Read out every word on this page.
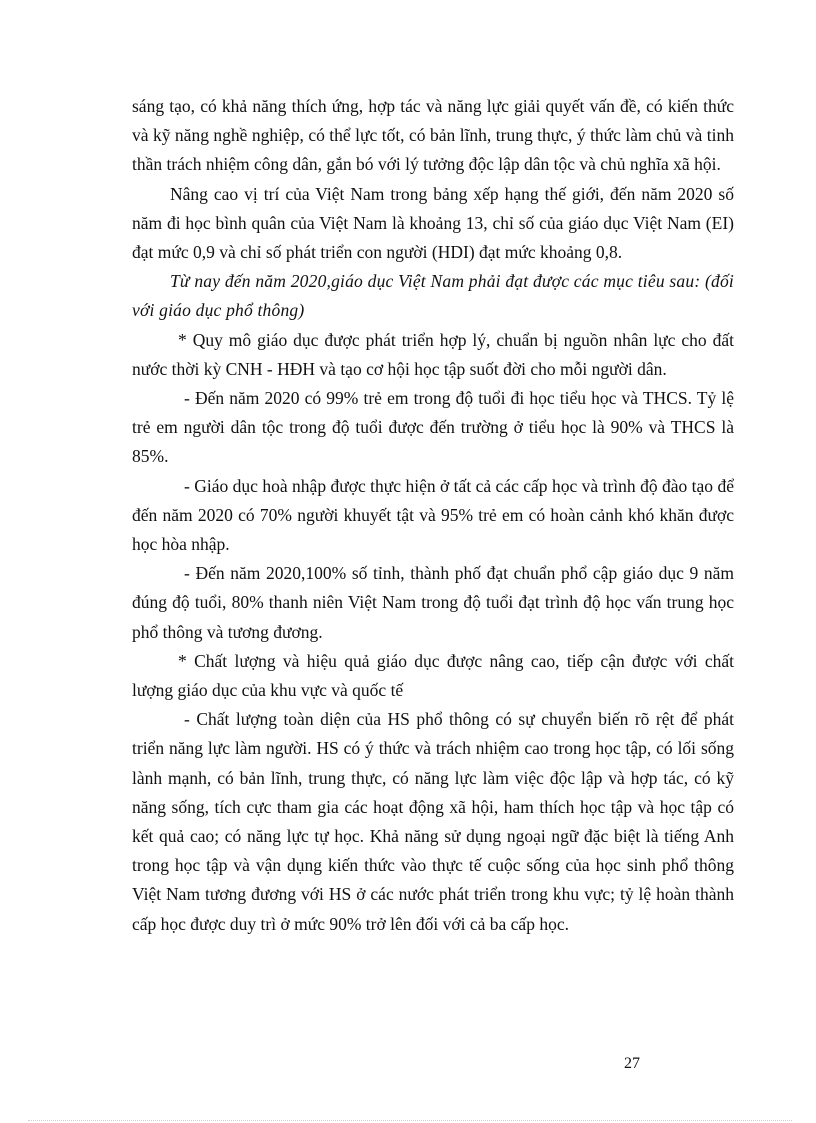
sáng tạo, có khả năng thích ứng, hợp tác và năng lực giải quyết vấn đề, có kiến thức và kỹ năng nghề nghiệp, có thể lực tốt, có bản lĩnh, trung thực, ý thức làm chủ và tinh thần trách nhiệm công dân, gắn bó với lý tưởng độc lập dân tộc và chủ nghĩa xã hội.

Nâng cao vị trí của Việt Nam trong bảng xếp hạng thế giới, đến năm 2020 số năm đi học bình quân của Việt Nam là khoảng 13, chỉ số của giáo dục Việt Nam (EI) đạt mức 0,9 và chỉ số phát triển con người (HDI) đạt mức khoảng 0,8.

Từ nay đến năm 2020,giáo dục Việt Nam phải đạt được các mục tiêu sau: (đối với giáo dục phổ thông)

* Quy mô giáo dục được phát triển hợp lý, chuẩn bị nguồn nhân lực cho đất nước thời kỳ CNH - HĐH và tạo cơ hội học tập suốt đời cho mỗi người dân.

- Đến năm 2020 có 99% trẻ em trong độ tuổi đi học tiểu học và THCS. Tỷ lệ trẻ em người dân tộc trong độ tuổi được đến trường ở tiểu học là 90% và THCS là 85%.

- Giáo dục hoà nhập được thực hiện ở tất cả các cấp học và trình độ đào tạo để đến năm 2020 có 70% người khuyết tật và 95% trẻ em có hoàn cảnh khó khăn được học hòa nhập.

- Đến năm 2020,100% số tỉnh, thành phố đạt chuẩn phổ cập giáo dục 9 năm đúng độ tuổi, 80% thanh niên Việt Nam trong độ tuổi đạt trình độ học vấn trung học phổ thông và tương đương.

* Chất lượng và hiệu quả giáo dục được nâng cao, tiếp cận được với chất lượng giáo dục của khu vực và quốc tế

- Chất lượng toàn diện của HS phổ thông có sự chuyển biến rõ rệt để phát triển năng lực làm người. HS có ý thức và trách nhiệm cao trong học tập, có lối sống lành mạnh, có bản lĩnh, trung thực, có năng lực làm việc độc lập và hợp tác, có kỹ năng sống, tích cực tham gia các hoạt động xã hội, ham thích học tập và học tập có kết quả cao; có năng lực tự học. Khả năng sử dụng ngoại ngữ đặc biệt là tiếng Anh trong học tập và vận dụng kiến thức vào thực tế cuộc sống của học sinh phổ thông Việt Nam tương đương với HS ở các nước phát triển trong khu vực; tỷ lệ hoàn thành cấp học được duy trì ở mức 90% trở lên đối với cả ba cấp học.

27
